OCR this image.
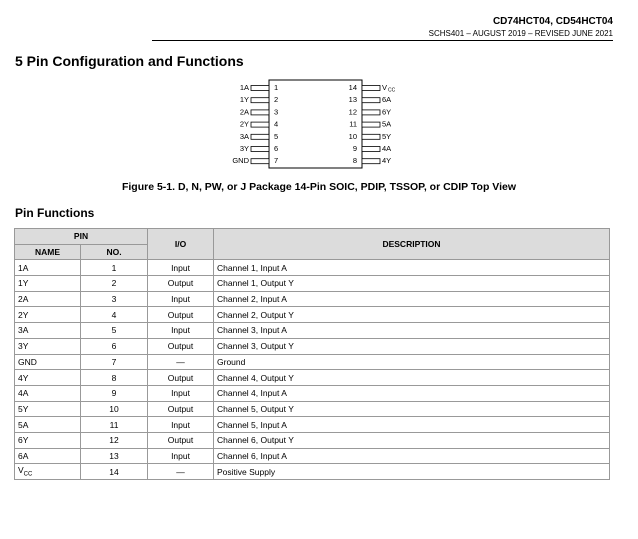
CD74HCT04, CD54HCT04
SCHS401 – AUGUST 2019 – REVISED JUNE 2021
5 Pin Configuration and Functions
1A	1
1Y	2
2A	3
2Y	4
3A	5
3Y	6
GND	7
V CC
14
6A
13
6Y
12
5A
11
5Y
10
4A
9
4Y
8
Figure 5-1. D, N, PW, or J Package 14-Pin SOIC, PDIP, TSSOP, or CDIP Top View
Pin Functions
PIN		I/O	DESCRIPTION
NAME	NO.		
1A	1	Input	Channel 1, Input A
1Y	2	Output	Channel 1, Output Y
2A	3	Input	Channel 2, Input A
2Y	4	Output	Channel 2, Output Y
3A	5	Input	Channel 3, Input A
3Y	6	Output	Channel 3, Output Y
GND	7	—	Ground
4Y	8	Output	Channel 4, Output Y
4A	9	Input	Channel 4, Input A
5Y	10	Output	Channel 5, Output Y
5A	11	Input	Channel 5, Input A
6Y	12	Output	Channel 6, Output Y
6A	13	Input	Channel 6, Input A
$V_{CC}$	14	—	Positive Supply
